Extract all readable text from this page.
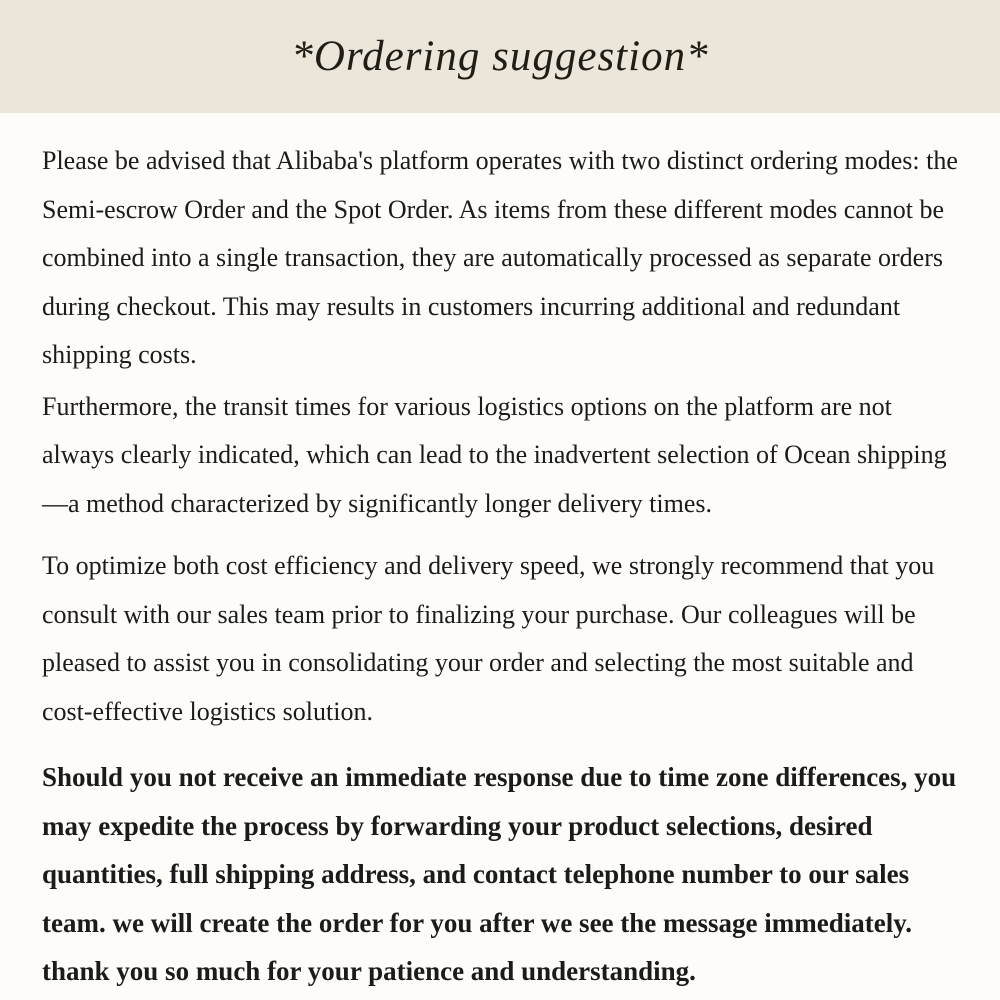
*Ordering suggestion*

Please be advised that Alibaba's platform operates with two distinct ordering modes: the Semi-escrow Order and the Spot Order. As items from these different modes cannot be combined into a single transaction, they are automatically processed as separate orders during checkout. This may results in customers incurring additional and redundant shipping costs.

Furthermore, the transit times for various logistics options on the platform are not always clearly indicated, which can lead to the inadvertent selection of Ocean shipping—a method characterized by significantly longer delivery times.

To optimize both cost efficiency and delivery speed, we strongly recommend that you consult with our sales team prior to finalizing your purchase. Our colleagues will be pleased to assist you in consolidating your order and selecting the most suitable and cost-effective logistics solution.

Should you not receive an immediate response due to time zone differences, you may expedite the process by forwarding your product selections, desired quantities, full shipping address, and contact telephone number to our sales team. we will create the order for you after we see the message immediately. thank you so much for your patience and understanding.
